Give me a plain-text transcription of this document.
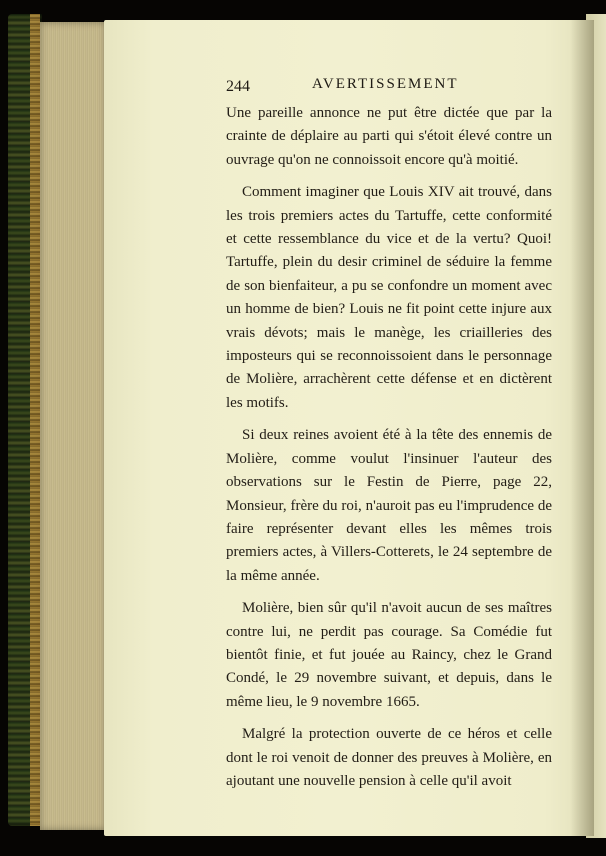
244	AVERTISSEMENT

Une pareille annonce ne put être dictée que par la crainte de déplaire au parti qui s'étoit élevé contre un ouvrage qu'on ne connoissoit encore qu'à moitié.

Comment imaginer que Louis XIV ait trouvé, dans les trois premiers actes du Tartuffe, cette conformité et cette ressemblance du vice et de la vertu? Quoi! Tartuffe, plein du desir criminel de séduire la femme de son bienfaiteur, a pu se confondre un moment avec un homme de bien? Louis ne fit point cette injure aux vrais dévots; mais le manège, les criailleries des imposteurs qui se reconnoissoient dans le personnage de Molière, arrachèrent cette défense et en dictèrent les motifs.

Si deux reines avoient été à la tête des ennemis de Molière, comme voulut l'insinuer l'auteur des observations sur le Festin de Pierre, page 22, Monsieur, frère du roi, n'auroit pas eu l'imprudence de faire représenter devant elles les mêmes trois premiers actes, à Villers-Cotterets, le 24 septembre de la même année.

Molière, bien sûr qu'il n'avoit aucun de ses maîtres contre lui, ne perdit pas courage. Sa Comédie fut bientôt finie, et fut jouée au Raincy, chez le Grand Condé, le 29 novembre suivant, et depuis, dans le même lieu, le 9 novembre 1665.

Malgré la protection ouverte de ce héros et celle dont le roi venoit de donner des preuves à Molière, en ajoutant une nouvelle pension à celle qu'il avoit
